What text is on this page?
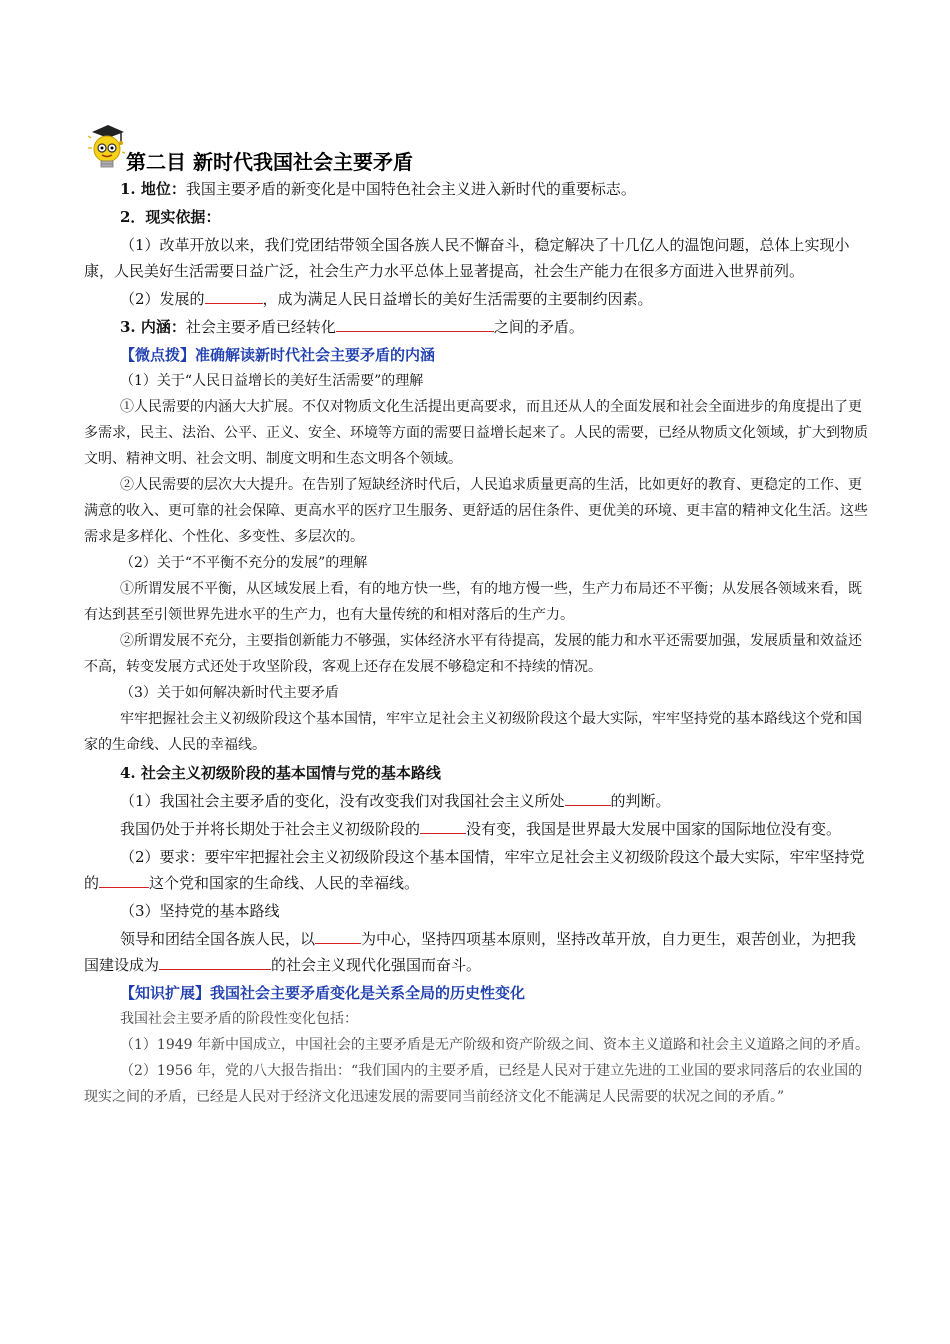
第二目 新时代我国社会主要矛盾

1. 地位：我国主要矛盾的新变化是中国特色社会主义进入新时代的重要标志。

2．现实依据：

（1）改革开放以来，我们党团结带领全国各族人民不懈奋斗，稳定解决了十几亿人的温饱问题，总体上实现小康，人民美好生活需要日益广泛，社会生产力水平总体上显著提高，社会生产能力在很多方面进入世界前列。

（2）发展的	，成为满足人民日益增长的美好生活需要的主要制约因素。

3. 内涵：社会主要矛盾已经转化	之间的矛盾。

【微点拨】准确解读新时代社会主要矛盾的内涵

（1）关于“人民日益增长的美好生活需要”的理解

①人民需要的内涵大大扩展。不仅对物质文化生活提出更高要求，而且还从人的全面发展和社会全面进步的角度提出了更多需求，民主、法治、公平、正义、安全、环境等方面的需要日益增长起来了。人民的需要，已经从物质文化领域，扩大到物质文明、精神文明、社会文明、制度文明和生态文明各个领域。

②人民需要的层次大大提升。在告别了短缺经济时代后，人民追求质量更高的生活，比如更好的教育、更稳定的工作、更满意的收入、更可靠的社会保障、更高水平的医疗卫生服务、更舒适的居住条件、更优美的环境、更丰富的精神文化生活。这些需求是多样化、个性化、多变性、多层次的。

（2）关于“不平衡不充分的发展”的理解

①所谓发展不平衡，从区域发展上看，有的地方快一些，有的地方慢一些，生产力布局还不平衡；从发展各领域来看，既有达到甚至引领世界先进水平的生产力，也有大量传统的和相对落后的生产力。

②所谓发展不充分，主要指创新能力不够强，实体经济水平有待提高，发展的能力和水平还需要加强，发展质量和效益还不高，转变发展方式还处于攻坚阶段，客观上还存在发展不够稳定和不持续的情况。

（3）关于如何解决新时代主要矛盾

牢牢把握社会主义初级阶段这个基本国情，牢牢立足社会主义初级阶段这个最大实际，牢牢坚持党的基本路线这个党和国家的生命线、人民的幸福线。

4. 社会主义初级阶段的基本国情与党的基本路线

（1）我国社会主要矛盾的变化，没有改变我们对我国社会主义所处	的判断。

我国仍处于并将长期处于社会主义初级阶段的	没有变，我国是世界最大发展中国家的国际地位没有变。

（2）要求：要牢牢把握社会主义初级阶段这个基本国情，牢牢立足社会主义初级阶段这个最大实际，牢牢坚持党的	这个党和国家的生命线、人民的幸福线。

（3）坚持党的基本路线

领导和团结全国各族人民，以	为中心，坚持四项基本原则，坚持改革开放，自力更生，艰苦创业，为把我国建设成为	的社会主义现代化强国而奋斗。

【知识扩展】我国社会主要矛盾变化是关系全局的历史性变化

我国社会主要矛盾的阶段性变化包括：

（1）1949 年新中国成立，中国社会的主要矛盾是无产阶级和资产阶级之间、资本主义道路和社会主义道路之间的矛盾。

（2）1956 年，党的八大报告指出：“我们国内的主要矛盾，已经是人民对于建立先进的工业国的要求同落后的农业国的现实之间的矛盾，已经是人民对于经济文化迅速发展的需要同当前经济文化不能满足人民需要的状况之间的矛盾。”
